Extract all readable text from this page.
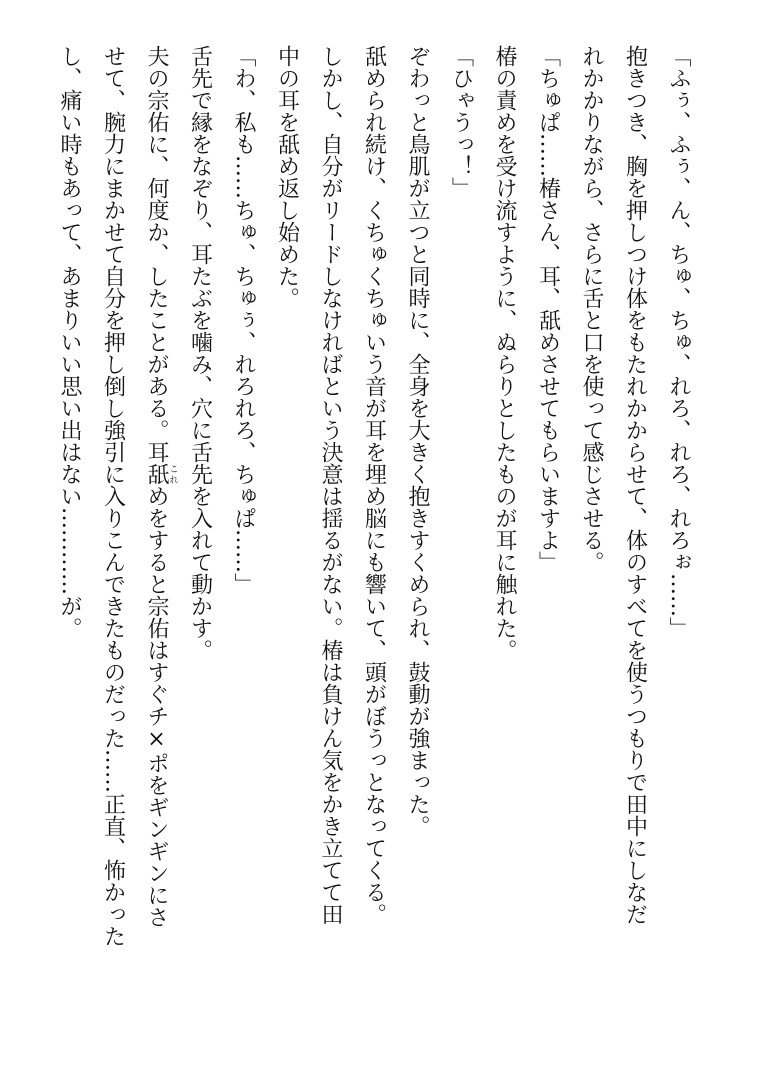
「ふぅ、ふぅ、ん、ちゅ、ちゅ、れろ、れろ、れろぉ……」
抱きつき、胸を押しつけ体をもたれかからせて、体のすべてを使うつもりで田中にしなだ
れかかりながら、さらに舌と口を使って感じさせる。
「ちゅぱ……椿さん、耳、舐めさせてもらいますよ」
椿の責めを受け流すように、ぬらりとしたものが耳に触れた。
「ひゃうっ！」
ぞわっと鳥肌が立つと同時に、全身を大きく抱きすくめられ、鼓動が強まった。
舐められ続け、くちゅくちゅいう音が耳を埋め脳にも響いて、頭がぼうっとなってくる。
しかし、自分がリードしなければという決意は揺るがない。椿は負けん気をかき立てて田
中の耳を舐め返し始めた。
「わ、私も……ちゅ、ちゅぅ、れろれろ、ちゅぱ……」
舌先で縁をなぞり、耳たぶを噛み、穴に舌先を入れて動かす。
夫の宗佑に、何度か、したことがある。耳舐これめをすると宗佑はすぐチ×ポをギンギンにさ
せて、腕力にまかせて自分を押し倒し強引に入りこんできたものだった……正直、怖かった
し、痛い時もあって、あまりいい思い出はない…………が。
